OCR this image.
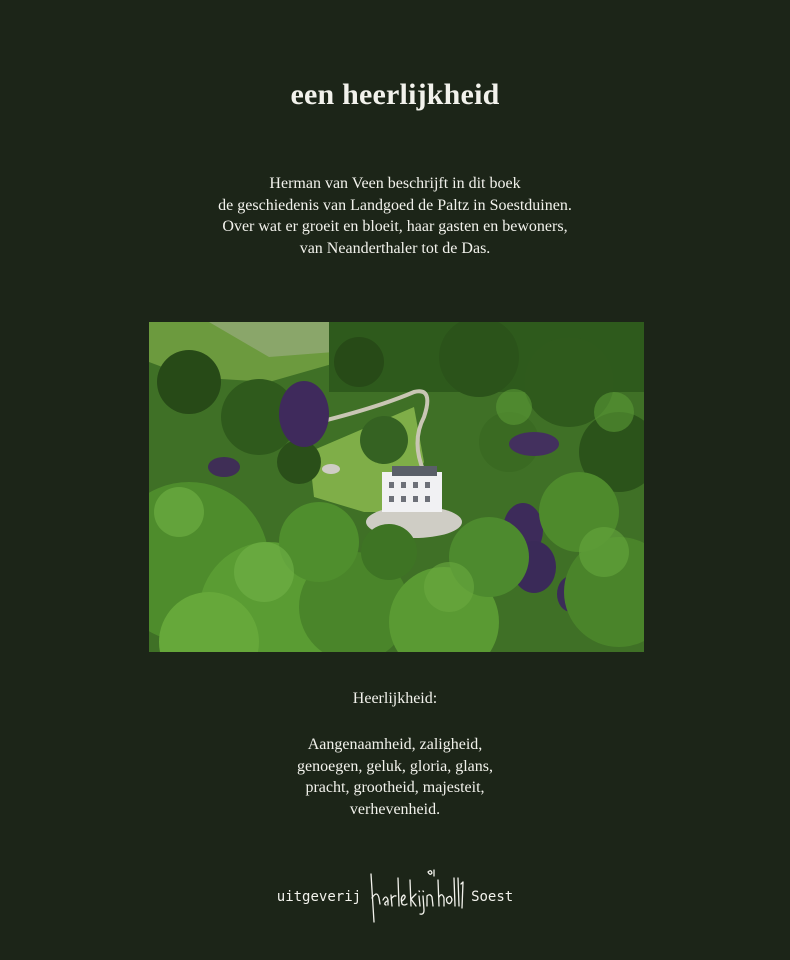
een heerlijkheid
Herman van Veen beschrijft in dit boek
de geschiedenis van Landgoed de Paltz in Soestduinen.
Over wat er groeit en bloeit, haar gasten en bewoners,
van Neanderthaler tot de Das.
Heerlijkheid:
Aangenaamheid, zaligheid,
genoegen, geluk, gloria, glans,
pracht, grootheid, majesteit,
verhevenheid.
uitgeverij	Soest
